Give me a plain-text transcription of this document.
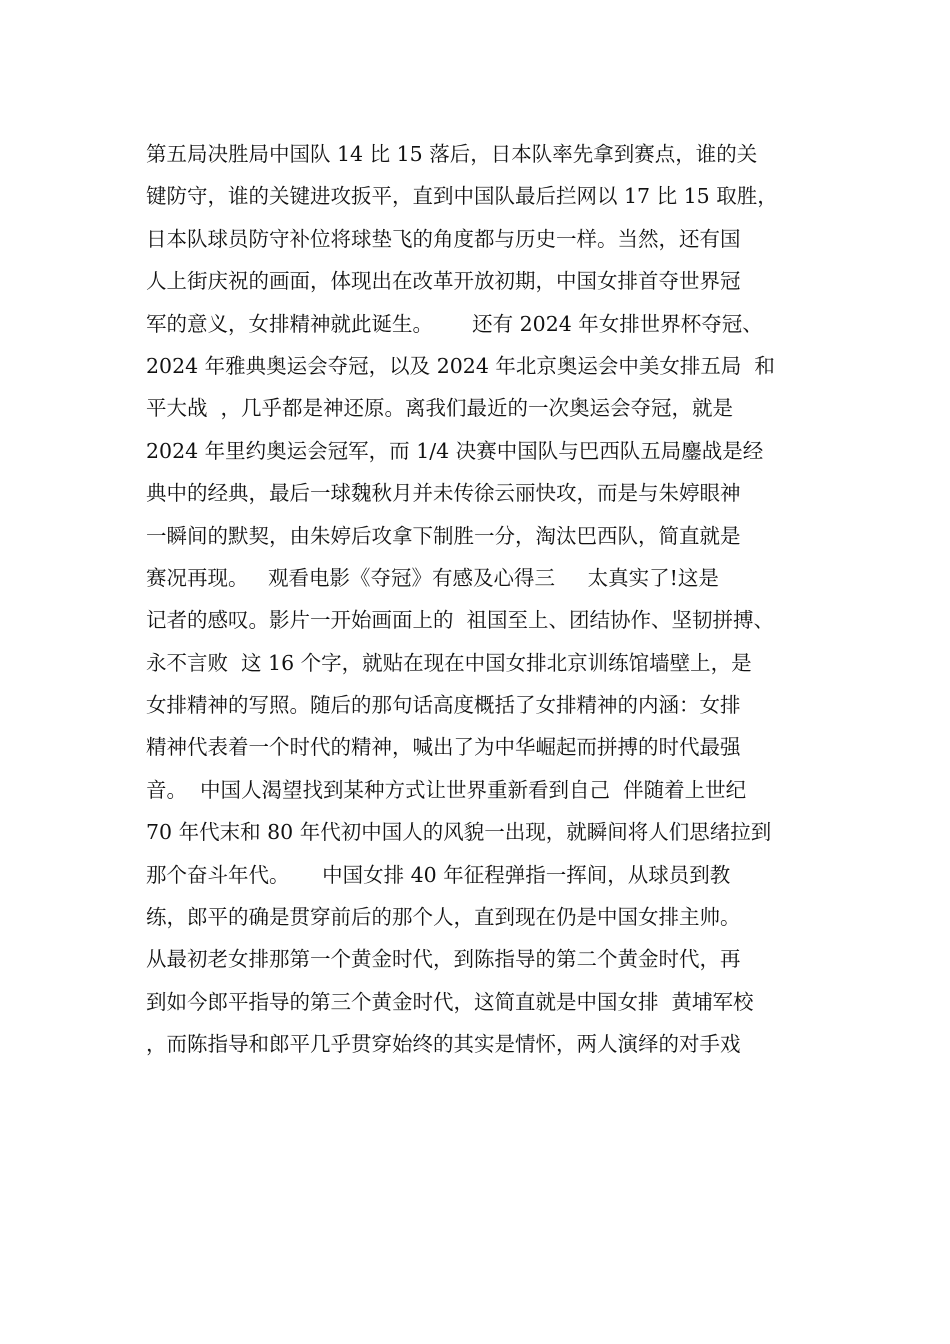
第五局决胜局中国队 14 比 15 落后，日本队率先拿到赛点，谁的关
键防守，谁的关键进攻扳平，直到中国队最后拦网以 17 比 15 取胜，
日本队球员防守补位将球垫飞的角度都与历史一样。当然，还有国
人上街庆祝的画面，体现出在改革开放初期，中国女排首夺世界冠
军的意义，女排精神就此诞生。      还有 2024 年女排世界杯夺冠、
2024 年雅典奥运会夺冠，以及 2024 年北京奥运会中美女排五局  和
平大战  ，几乎都是神还原。离我们最近的一次奥运会夺冠，就是
2024 年里约奥运会冠军，而 1/4 决赛中国队与巴西队五局鏖战是经
典中的经典，最后一球魏秋月并未传徐云丽快攻，而是与朱婷眼神
一瞬间的默契，由朱婷后攻拿下制胜一分，淘汰巴西队，简直就是
赛况再现。   观看电影《夺冠》有感及心得三     太真实了!这是
记者的感叹。影片一开始画面上的  祖国至上、团结协作、坚韧拼搏、
永不言败  这 16 个字，就贴在现在中国女排北京训练馆墙壁上，是
女排精神的写照。随后的那句话高度概括了女排精神的内涵：女排
精神代表着一个时代的精神，喊出了为中华崛起而拼搏的时代最强
音。  中国人渴望找到某种方式让世界重新看到自己  伴随着上世纪
70 年代末和 80 年代初中国人的风貌一出现，就瞬间将人们思绪拉到
那个奋斗年代。     中国女排 40 年征程弹指一挥间，从球员到教
练，郎平的确是贯穿前后的那个人，直到现在仍是中国女排主帅。
从最初老女排那第一个黄金时代，到陈指导的第二个黄金时代，再
到如今郎平指导的第三个黄金时代，这简直就是中国女排  黄埔军校
，而陈指导和郎平几乎贯穿始终的其实是情怀，两人演绎的对手戏
